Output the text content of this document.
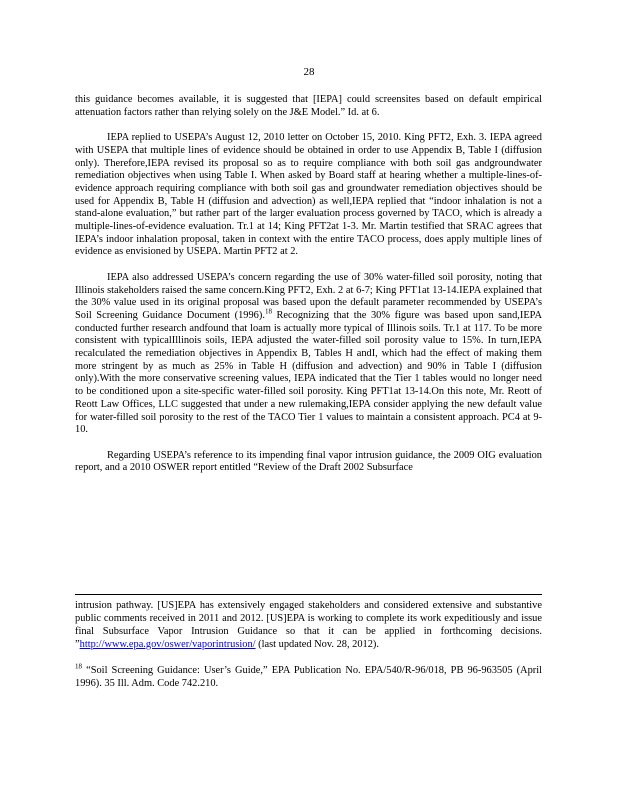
28

this guidance becomes available, it is suggested that [IEPA] could screensites based on default empirical attenuation factors rather than relying solely on the J&E Model.” Id. at 6.

IEPA replied to USEPA’s August 12, 2010 letter on October 15, 2010. King PFT2, Exh. 3. IEPA agreed with USEPA that multiple lines of evidence should be obtained in order to use Appendix B, Table I (diffusion only). Therefore,IEPA revised its proposal so as to require compliance with both soil gas andgroundwater remediation objectives when using Table I. When asked by Board staff at hearing whether a multiple-lines-of-evidence approach requiring compliance with both soil gas and groundwater remediation objectives should be used for Appendix B, Table H (diffusion and advection) as well,IEPA replied that “indoor inhalation is not a stand-alone evaluation,” but rather part of the larger evaluation process governed by TACO, which is already a multiple-lines-of-evidence evaluation. Tr.1 at 14; King PFT2at 1-3. Mr. Martin testified that SRAC agrees that IEPA’s indoor inhalation proposal, taken in context with the entire TACO process, does apply multiple lines of evidence as envisioned by USEPA. Martin PFT2 at 2.

IEPA also addressed USEPA’s concern regarding the use of 30% water-filled soil porosity, noting that Illinois stakeholders raised the same concern.King PFT2, Exh. 2 at 6-7; King PFT1at 13-14.IEPA explained that the 30% value used in its original proposal was based upon the default parameter recommended by USEPA’s Soil Screening Guidance Document (1996).$^{18}$ Recognizing that the 30% figure was based upon sand,IEPA conducted further research andfound that loam is actually more typical of Illinois soils. Tr.1 at 117. To be more consistent with typicalIllinois soils, IEPA adjusted the water-filled soil porosity value to 15%. In turn,IEPA recalculated the remediation objectives in Appendix B, Tables H andI, which had the effect of making them more stringent by as much as 25% in Table H (diffusion and advection) and 90% in Table I (diffusion only).With the more conservative screening values, IEPA indicated that the Tier 1 tables would no longer need to be conditioned upon a site-specific water-filled soil porosity. King PFT1at 13-14.On this note, Mr. Reott of Reott Law Offices, LLC suggested that under a new rulemaking,IEPA consider applying the new default value for water-filled soil porosity to the rest of the TACO Tier 1 values to maintain a consistent approach. PC4 at 9-10.

Regarding USEPA’s reference to its impending final vapor intrusion guidance, the 2009 OIG evaluation report, and a 2010 OSWER report entitled “Review of the Draft 2002 Subsurface

intrusion pathway. [US]EPA has extensively engaged stakeholders and considered extensive and substantive public comments received in 2011 and 2012. [US]EPA is working to complete its work expeditiously and issue final Subsurface Vapor Intrusion Guidance so that it can be applied in forthcoming decisions. ”http://www.epa.gov/oswer/vaporintrusion/ (last updated Nov. 28, 2012).

$^{18}$ “Soil Screening Guidance: User’s Guide,” EPA Publication No. EPA/540/R-96/018, PB 96-963505 (April 1996). 35 Ill. Adm. Code 742.210.
